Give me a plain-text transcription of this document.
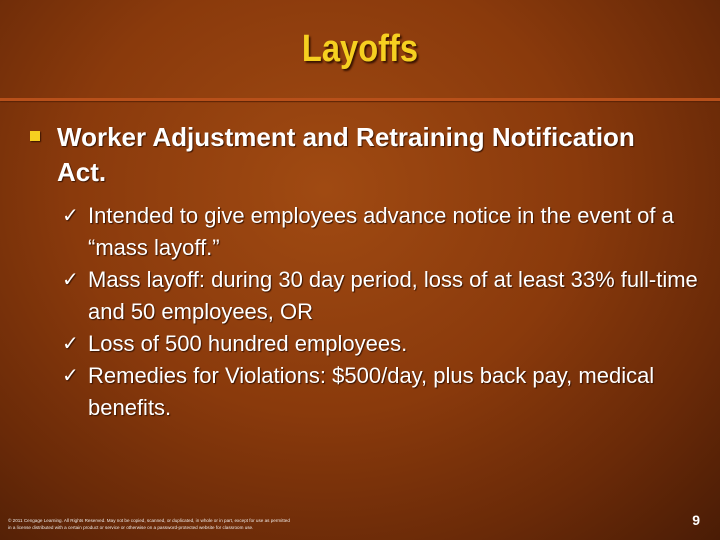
Layoffs
Worker Adjustment and Retraining Notification Act.
✓ Intended to give employees advance notice in the event of a “mass layoff.”
✓ Mass layoff: during 30 day period, loss of at least 33% full-time and 50 employees, OR
✓ Loss of 500 hundred employees.
✓ Remedies for Violations: $500/day, plus back pay, medical benefits.
© 2011 Cengage Learning. All Rights Reserved. May not be copied, scanned, or duplicated, in whole or in part, except for use as permitted
in a license distributed with a certain product or service or otherwise on a password-protected website for classroom use.	9
